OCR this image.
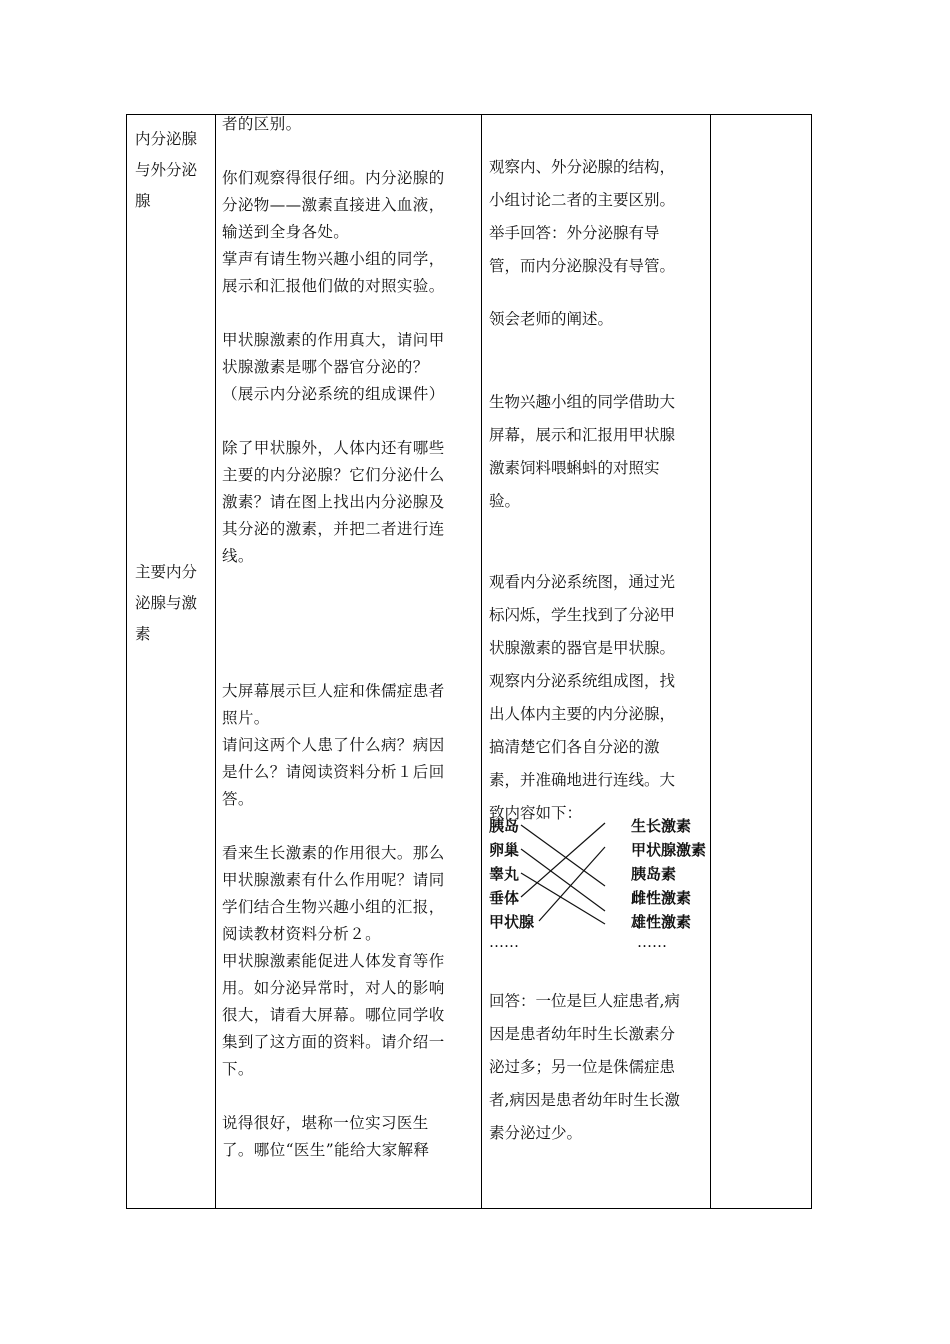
内分泌腺
与外分泌
腺
主要内分
泌腺与激
素
者的区别。

你们观察得很仔细。内分泌腺的
分泌物——激素直接进入血液，
输送到全身各处。
掌声有请生物兴趣小组的同学，
展示和汇报他们做的对照实验。

甲状腺激素的作用真大，请问甲
状腺激素是哪个器官分泌的？
（展示内分泌系统的组成课件）

除了甲状腺外，人体内还有哪些
主要的内分泌腺？它们分泌什么
激素？请在图上找出内分泌腺及
其分泌的激素，并把二者进行连
线。

大屏幕展示巨人症和侏儒症患者
照片。
请问这两个人患了什么病？病因
是什么？请阅读资料分析１后回
答。

看来生长激素的作用很大。那么
甲状腺激素有什么作用呢？请同
学们结合生物兴趣小组的汇报，
阅读教材资料分析２。
甲状腺激素能促进人体发育等作
用。如分泌异常时，对人的影响
很大，请看大屏幕。哪位同学收
集到了这方面的资料。请介绍一
下。

说得很好，堪称一位实习医生
了。哪位“医生”能给大家解释
观察内、外分泌腺的结构，
小组讨论二者的主要区别。
举手回答：外分泌腺有导
管，而内分泌腺没有导管。
领会老师的阐述。
生物兴趣小组的同学借助大
屏幕，展示和汇报用甲状腺
激素饲料喂蝌蚪的对照实
验。
观看内分泌系统图，通过光
标闪烁，学生找到了分泌甲
状腺激素的器官是甲状腺。
观察内分泌系统组成图，找
出人体内主要的内分泌腺，
搞清楚它们各自分泌的激
素，并准确地进行连线。大
致内容如下：
胰岛
卵巢
睾丸
垂体
甲状腺
……
生长激素
甲状腺激素
胰岛素
雌性激素
雄性激素
……
回答：一位是巨人症患者,病
因是患者幼年时生长激素分
泌过多；另一位是侏儒症患
者,病因是患者幼年时生长激
素分泌过少。
